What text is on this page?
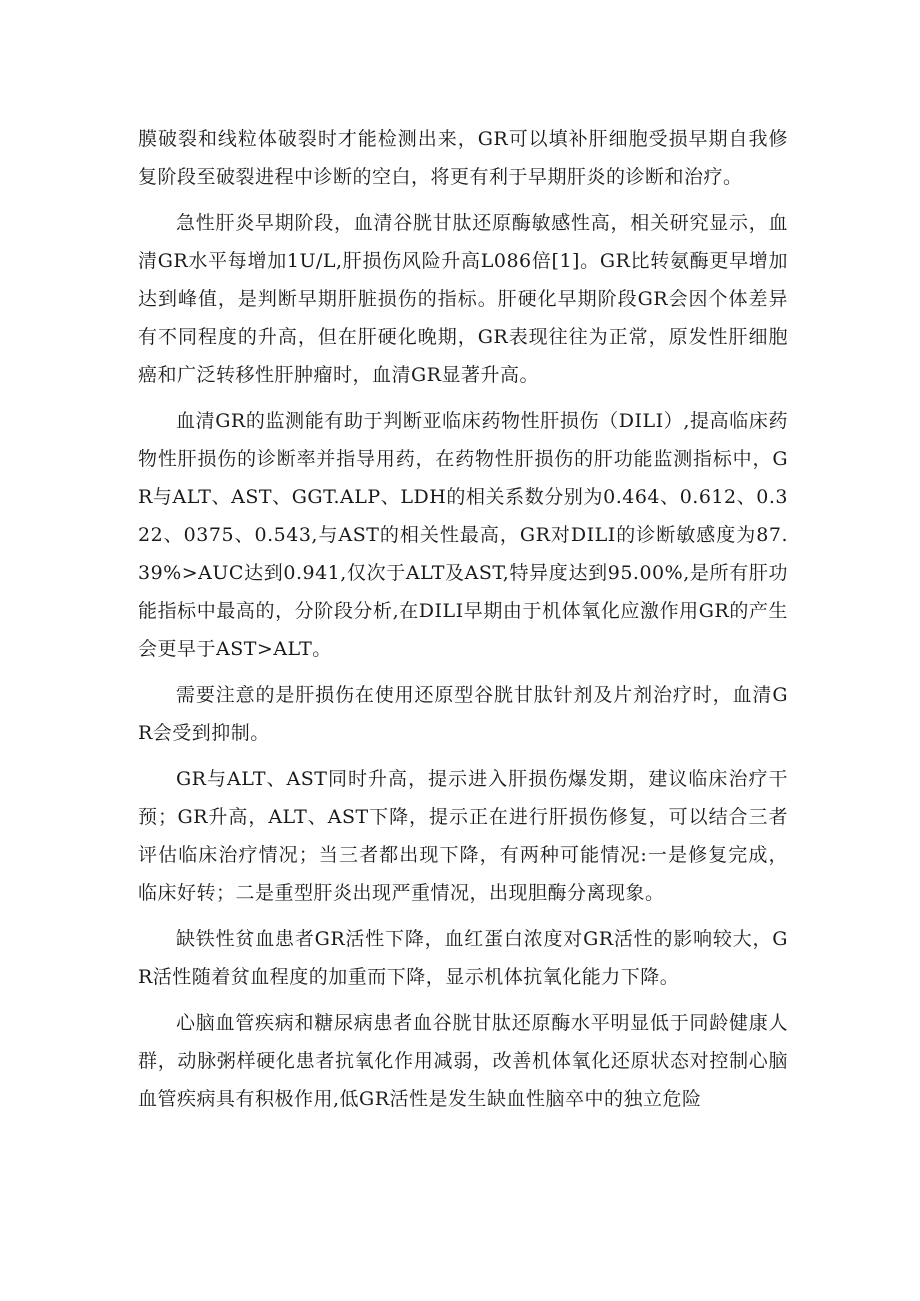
膜破裂和线粒体破裂时才能检测出来，GR可以填补肝细胞受损早期自我修复阶段至破裂进程中诊断的空白，将更有利于早期肝炎的诊断和治疗。

急性肝炎早期阶段，血清谷胱甘肽还原酶敏感性高，相关研究显示，血清GR水平每增加1U/L,肝损伤风险升高L086倍[1]。GR比转氨酶更早增加达到峰值，是判断早期肝脏损伤的指标。肝硬化早期阶段GR会因个体差异有不同程度的升高，但在肝硬化晚期，GR表现往往为正常，原发性肝细胞癌和广泛转移性肝肿瘤时，血清GR显著升高。

血清GR的监测能有助于判断亚临床药物性肝损伤（DILI）,提高临床药物性肝损伤的诊断率并指导用药，在药物性肝损伤的肝功能监测指标中，GR与ALT、AST、GGT.ALP、LDH的相关系数分别为0.464、0.612、0.322、0375、0.543,与AST的相关性最高，GR对DILI的诊断敏感度为87.39%>AUC达到0.941,仅次于ALT及AST,特异度达到95.00%,是所有肝功能指标中最高的，分阶段分析,在DILI早期由于机体氧化应激作用GR的产生会更早于AST>ALT。

需要注意的是肝损伤在使用还原型谷胱甘肽针剂及片剂治疗时，血清GR会受到抑制。

GR与ALT、AST同时升高，提示进入肝损伤爆发期，建议临床治疗干预；GR升高，ALT、AST下降，提示正在进行肝损伤修复，可以结合三者评估临床治疗情况；当三者都出现下降，有两种可能情况:一是修复完成，临床好转；二是重型肝炎出现严重情况，出现胆酶分离现象。

缺铁性贫血患者GR活性下降，血红蛋白浓度对GR活性的影响较大，GR活性随着贫血程度的加重而下降，显示机体抗氧化能力下降。

心脑血管疾病和糖尿病患者血谷胱甘肽还原酶水平明显低于同龄健康人群，动脉粥样硬化患者抗氧化作用减弱，改善机体氧化还原状态对控制心脑血管疾病具有积极作用,低GR活性是发生缺血性脑卒中的独立危险
